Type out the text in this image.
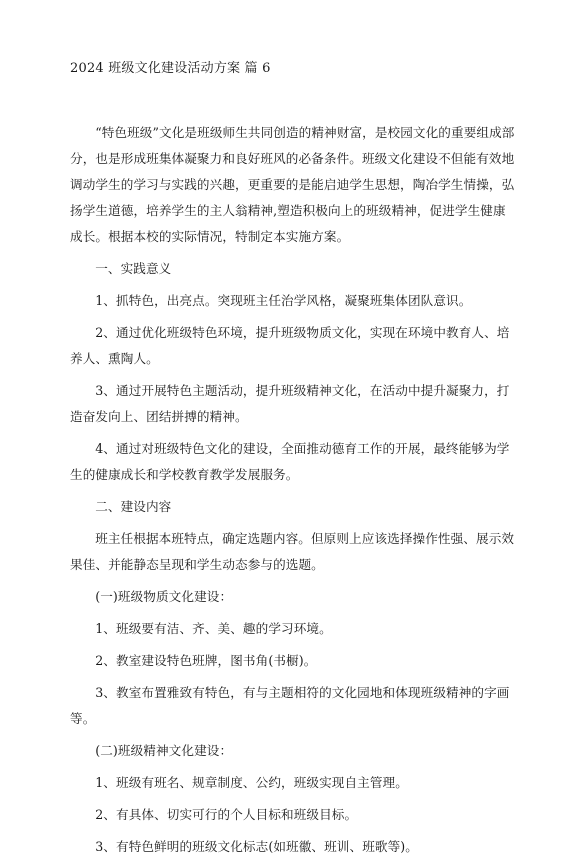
2024 班级文化建设活动方案 篇 6

“特色班级”文化是班级师生共同创造的精神财富，是校园文化的重要组成部分，也是形成班集体凝聚力和良好班风的必备条件。班级文化建设不但能有效地调动学生的学习与实践的兴趣，更重要的是能启迪学生思想，陶冶学生情操，弘扬学生道德，培养学生的主人翁精神,塑造积极向上的班级精神，促进学生健康成长。根据本校的实际情况，特制定本实施方案。

一、实践意义

1、抓特色，出亮点。突现班主任治学风格，凝聚班集体团队意识。

2、通过优化班级特色环境，提升班级物质文化，实现在环境中教育人、培养人、熏陶人。

3、通过开展特色主题活动，提升班级精神文化，在活动中提升凝聚力，打造奋发向上、团结拼搏的精神。

4、通过对班级特色文化的建设，全面推动德育工作的开展，最终能够为学生的健康成长和学校教育教学发展服务。

二、建设内容

班主任根据本班特点，确定选题内容。但原则上应该选择操作性强、展示效果佳、并能静态呈现和学生动态参与的选题。

(一)班级物质文化建设：

1、班级要有洁、齐、美、趣的学习环境。

2、教室建设特色班牌，图书角(书橱)。

3、教室布置雅致有特色，有与主题相符的文化园地和体现班级精神的字画等。

(二)班级精神文化建设：

1、班级有班名、规章制度、公约，班级实现自主管理。

2、有具体、切实可行的个人目标和班级目标。

3、有特色鲜明的班级文化标志(如班徽、班训、班歌等)。
